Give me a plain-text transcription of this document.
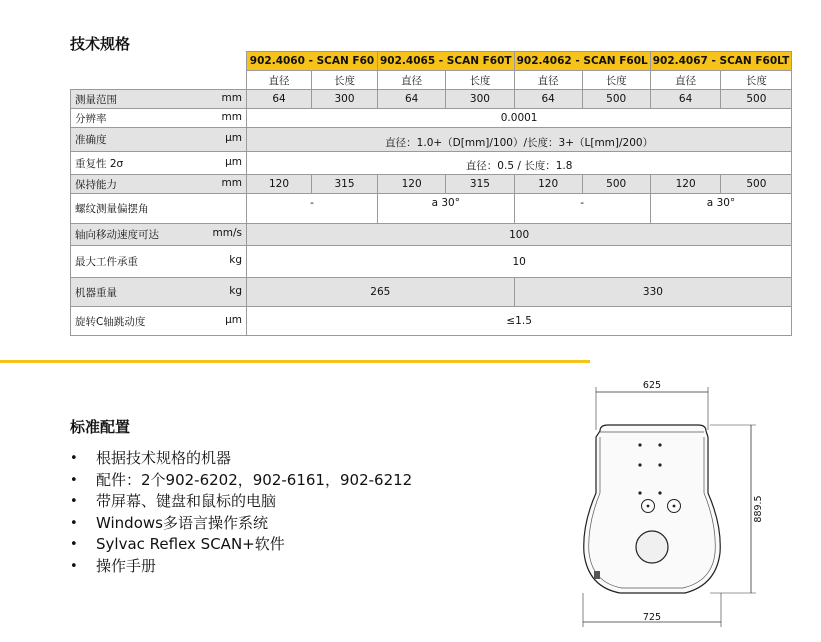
技术规格
	902.4060 - SCAN F60		902.4065 - SCAN F60T		902.4062 - SCAN F60L		902.4067 - SCAN F60LT	
	直径	长度	直径	长度	直径	长度	直径	长度
测量范围 mm	64	300	64	300	64	500	64	500
分辨率 mm	0.0001							
准确度 µm	直径：1.0+（D[mm]/100）/长度：3+（L[mm]/200）							
重复性 2σ µm	直径：0.5 / 长度：1.8							
保持能力 mm	120	315	120	315	120	500	120	500
螺纹测量偏摆角	-		a 30°		-		a 30°	
轴向移动速度可达 mm/s	100							
最大工件承重 kg	10							
机器重量 kg	265				330			
旋转C轴跳动度 µm	≤1.5							
标准配置
• 根据技术规格的机器
• 配件：2个902-6202，902-6161，902-6212
• 带屏幕、键盘和鼠标的电脑
• Windows多语言操作系统
• Sylvac Reflex SCAN+软件
• 操作手册
625
889.5
725
